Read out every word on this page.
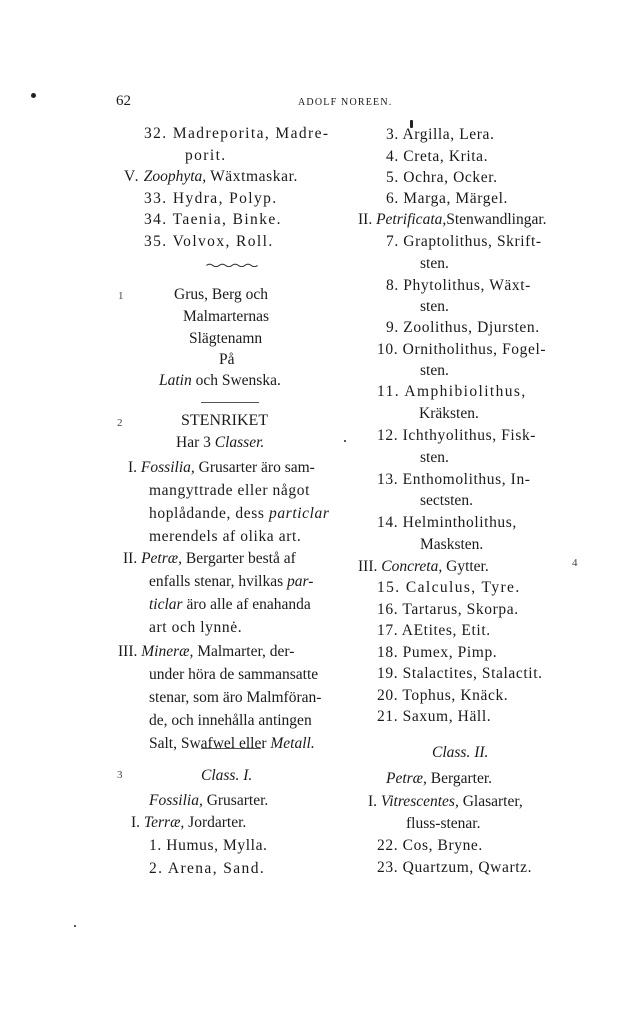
62	ADOLF NOREEN.
32. Madreporita, Madre-
porit.
V. Zoophyta, Wäxtmaskar.
33. Hydra, Polyp.
34. Taenia, Binke.
35. Volvox, Roll.
Grus, Berg och
Malmarternas
Slägtenamn
På
Latin och Swenska.
STENRIKET
Har 3 Classer.
I. Fossilia, Grusarter äro sam-
mangyttrade eller något
hoplådande, dess particlar
merendels af olika art.
II. Petræ, Bergarter bestå af
enfalls stenar, hvilkas par-
ticlar äro alle af enahanda
art och lynnė.
III. Mineræ, Malmarter, der-
under höra de sammansatte
stenar, som äro Malmföran-
de, och innehålla antingen
Salt, Swafwel eller Metall.
Class. I.
Fossilia, Grusarter.
I. Terræ, Jordarter.
1. Humus, Mylla.
2. Arena, Sand.
1
2
3
4
3. Argilla, Lera.
4. Creta, Krita.
5. Ochra, Ocker.
6. Marga, Märgel.
II. Petrificata,Stenwandlingar.
7. Graptolithus, Skrift-
sten.
8. Phytolithus, Wäxt-
sten.
9. Zoolithus, Djursten.
10. Ornitholithus, Fogel-
sten.
11. Amphibiolithus,
Kräksten.
12. Ichthyolithus, Fisk-
sten.
13. Enthomolithus, In-
sectsten.
14. Helmintholithus,
Masksten.
III. Concreta, Gytter.
15. Calculus, Tyre.
16. Tartarus, Skorpa.
17. AEtites, Etit.
18. Pumex, Pimp.
19. Stalactites, Stalactit.
20. Tophus, Knäck.
21. Saxum, Häll.
Class. II.
Petræ, Bergarter.
I. Vitrescentes, Glasarter,
fluss-stenar.
22. Cos, Bryne.
23. Quartzum, Qwartz.
